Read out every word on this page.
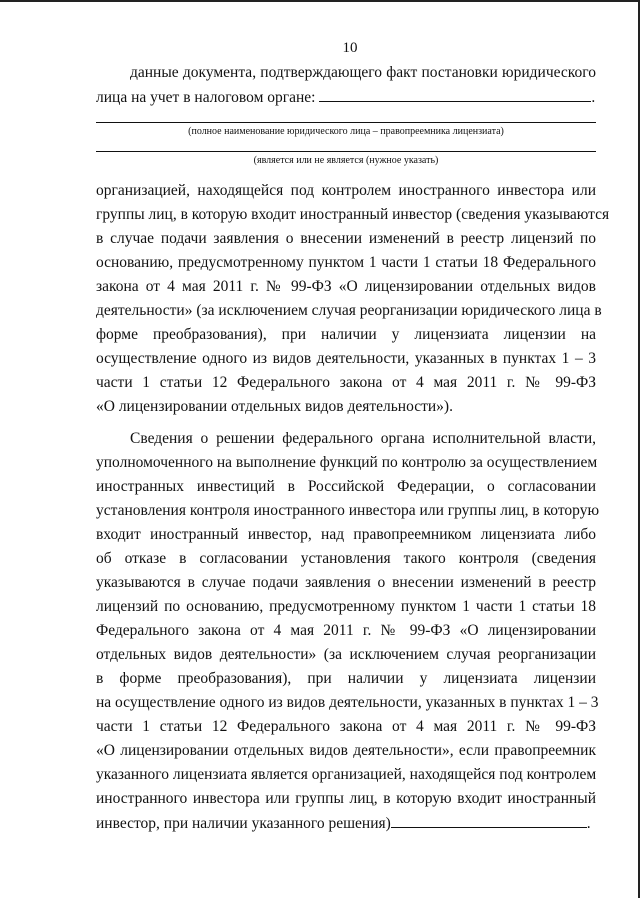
10
данные документа, подтверждающего факт постановки юридического
лица на учет в налоговом органе:	.
(полное наименование юридического лица – правопреемника лицензиата)
(является или не является (нужное указать)
организацией, находящейся под контролем иностранного инвестора или
группы лиц, в которую входит иностранный инвестор (сведения указываются
в случае подачи заявления о внесении изменений в реестр лицензий по
основанию, предусмотренному пунктом 1 части 1 статьи 18 Федерального
закона от 4 мая 2011 г. № 99-ФЗ «О лицензировании отдельных видов
деятельности» (за исключением случая реорганизации юридического лица в
форме преобразования), при наличии у лицензиата лицензии на
осуществление одного из видов деятельности, указанных в пунктах 1 – 3
части 1 статьи 12 Федерального закона от 4 мая 2011 г. № 99-ФЗ
«О лицензировании отдельных видов деятельности»).
Сведения о решении федерального органа исполнительной власти,
уполномоченного на выполнение функций по контролю за осуществлением
иностранных инвестиций в Российской Федерации, о согласовании
установления контроля иностранного инвестора или группы лиц, в которую
входит иностранный инвестор, над правопреемником лицензиата либо
об отказе в согласовании установления такого контроля (сведения
указываются в случае подачи заявления о внесении изменений в реестр
лицензий по основанию, предусмотренному пунктом 1 части 1 статьи 18
Федерального закона от 4 мая 2011 г. № 99-ФЗ «О лицензировании
отдельных видов деятельности» (за исключением случая реорганизации
в форме преобразования), при наличии у лицензиата лицензии
на осуществление одного из видов деятельности, указанных в пунктах 1 – 3
части 1 статьи 12 Федерального закона от 4 мая 2011 г. № 99-ФЗ
«О лицензировании отдельных видов деятельности», если правопреемник
указанного лицензиата является организацией, находящейся под контролем
иностранного инвестора или группы лиц, в которую входит иностранный
инвестор, при наличии указанного решения)	.
